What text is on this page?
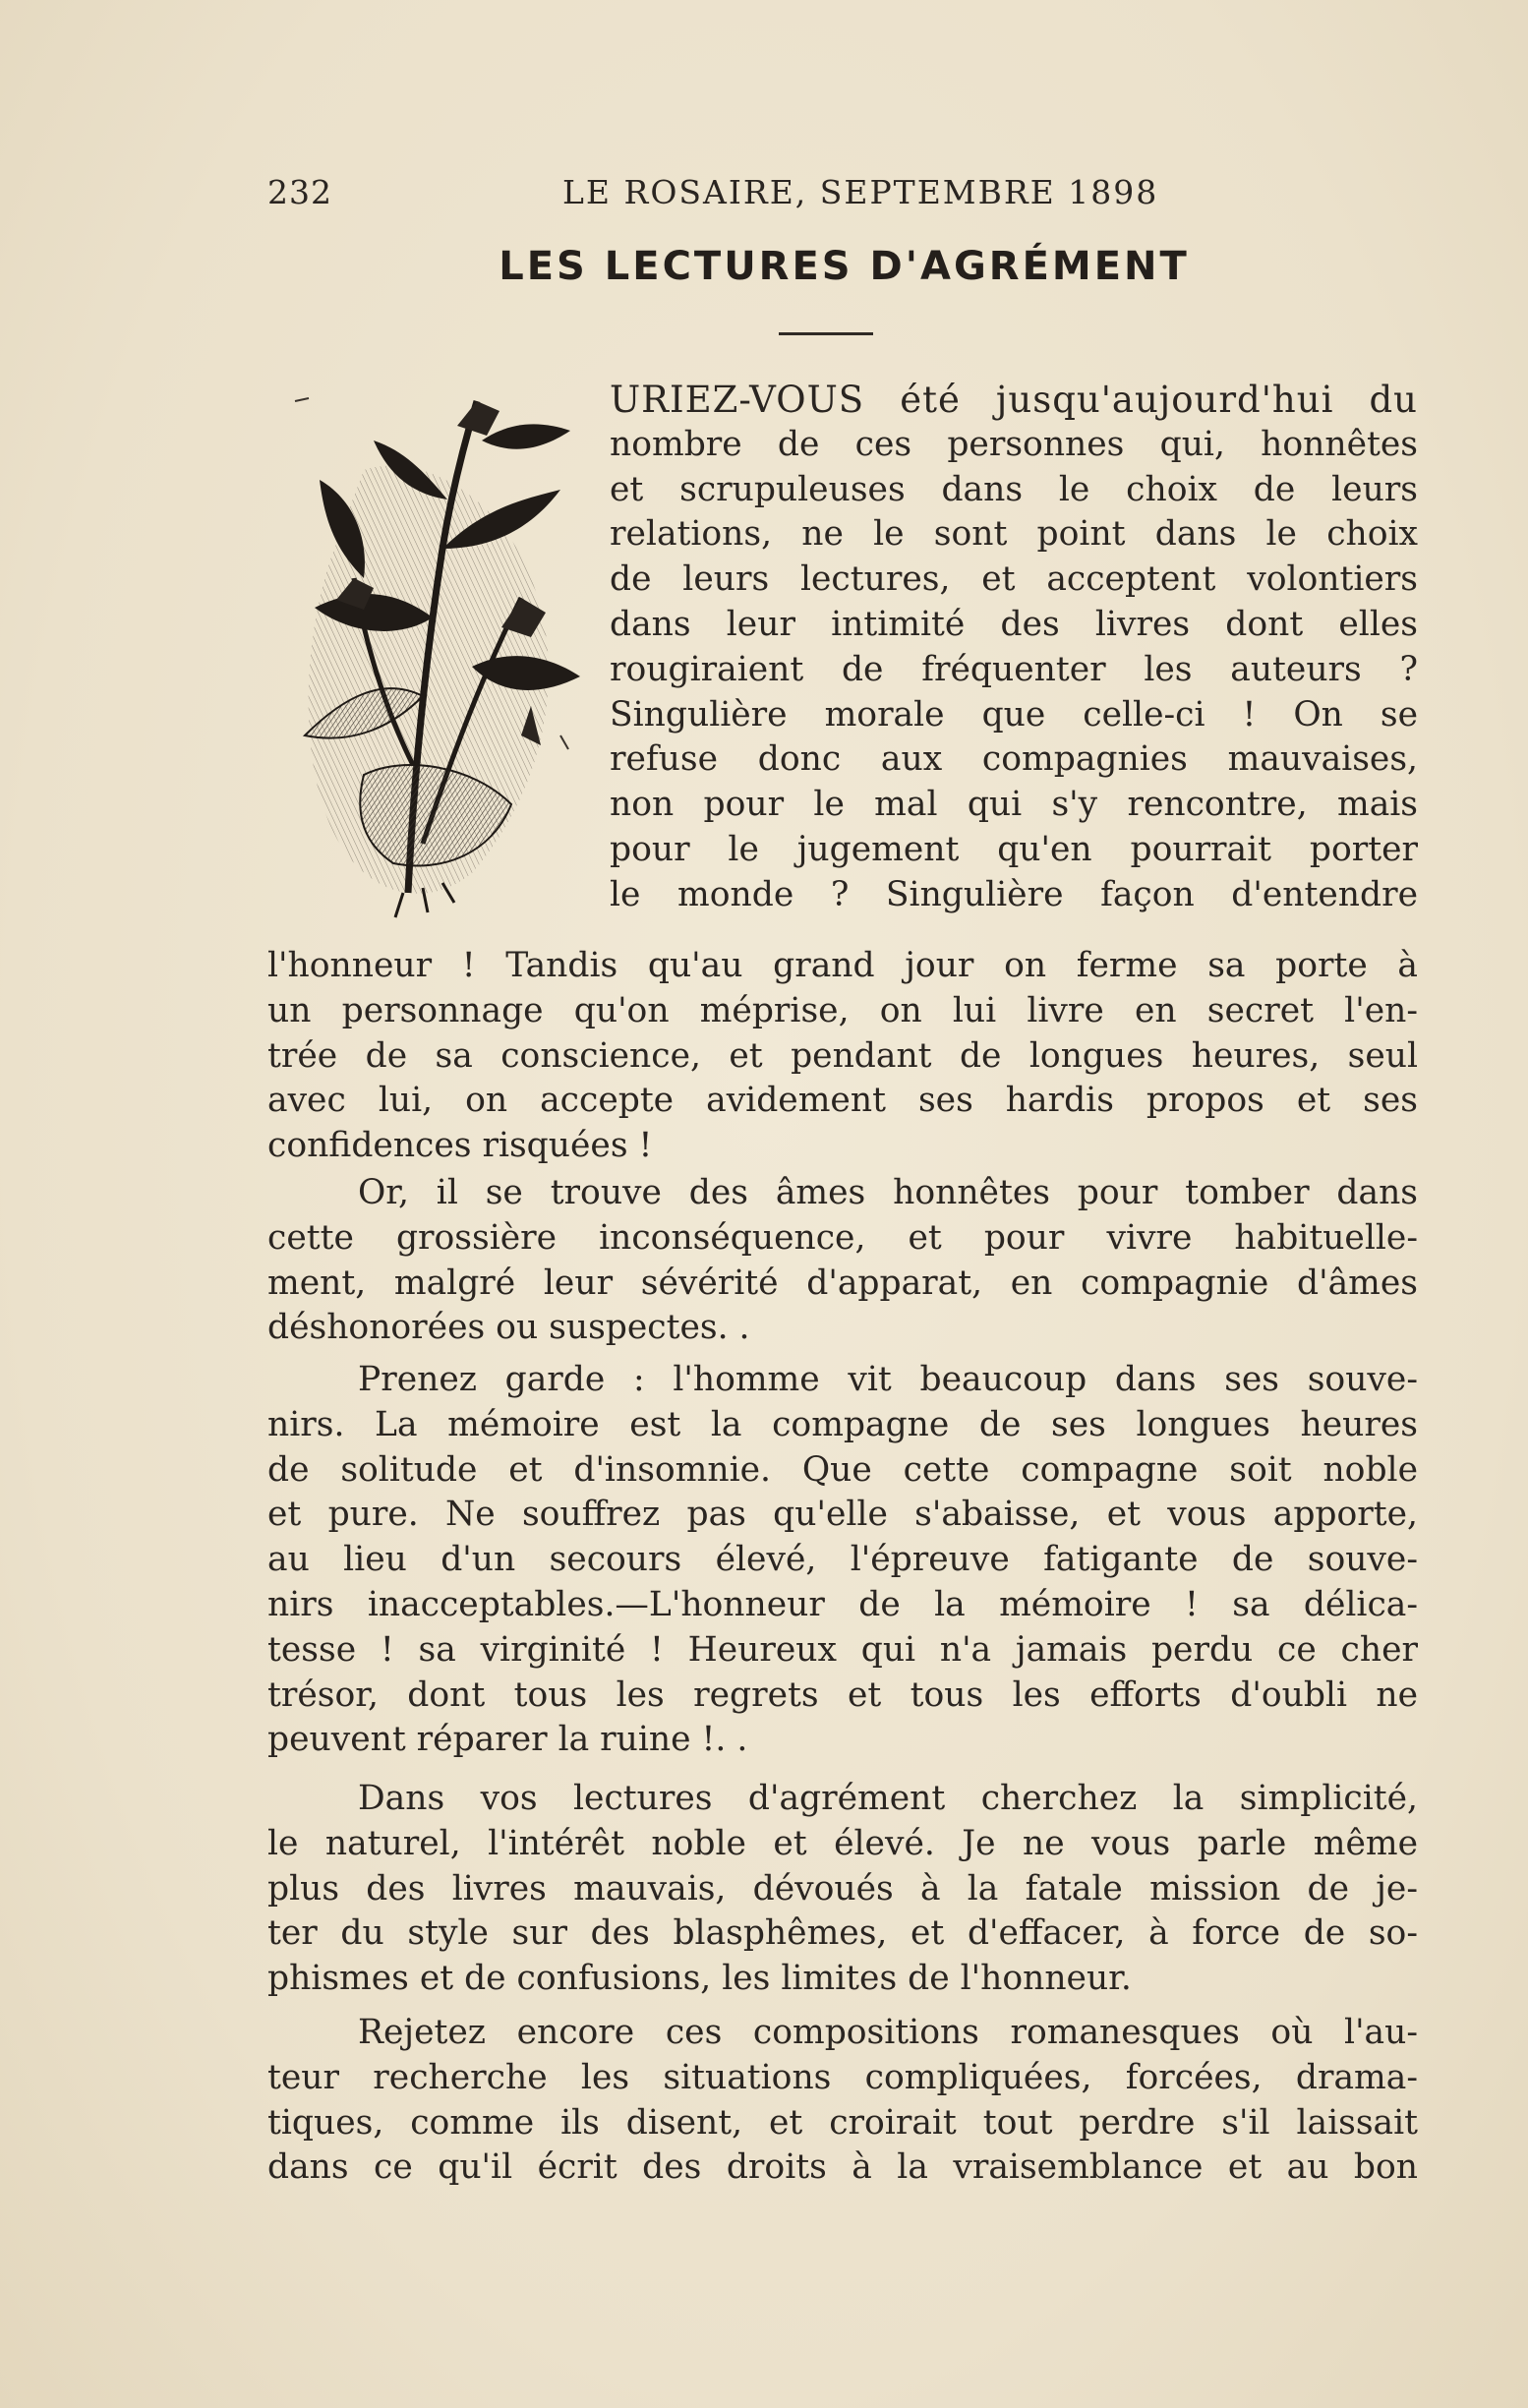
232	LE ROSAIRE, SEPTEMBRE 1898
LES LECTURES D'AGRÉMENT
URIEZ-VOUS été jusqu'aujourd'hui du
nombre de ces personnes qui, honnêtes
et scrupuleuses dans le choix de leurs
relations, ne le sont point dans le choix
de leurs lectures, et acceptent volontiers
dans leur intimité des livres dont elles
rougiraient de fréquenter les auteurs ?
Singulière morale que celle-ci ! On se
refuse donc aux compagnies mauvaises,
non pour le mal qui s'y rencontre, mais
pour le jugement qu'en pourrait porter
le monde ? Singulière façon d'entendre
l'honneur ! Tandis qu'au grand jour on ferme sa porte à
un personnage qu'on méprise, on lui livre en secret l'en-
trée de sa conscience, et pendant de longues heures, seul
avec lui, on accepte avidement ses hardis propos et ses
confidences risquées !
Or, il se trouve des âmes honnêtes pour tomber dans
cette grossière inconséquence, et pour vivre habituelle-
ment, malgré leur sévérité d'apparat, en compagnie d'âmes
déshonorées ou suspectes. .
Prenez garde : l'homme vit beaucoup dans ses souve-
nirs. La mémoire est la compagne de ses longues heures
de solitude et d'insomnie. Que cette compagne soit noble
et pure. Ne souffrez pas qu'elle s'abaisse, et vous apporte,
au lieu d'un secours élevé, l'épreuve fatigante de souve-
nirs inacceptables.—L'honneur de la mémoire ! sa délica-
tesse ! sa virginité ! Heureux qui n'a jamais perdu ce cher
trésor, dont tous les regrets et tous les efforts d'oubli ne
peuvent réparer la ruine !. .
Dans vos lectures d'agrément cherchez la simplicité,
le naturel, l'intérêt noble et élevé. Je ne vous parle même
plus des livres mauvais, dévoués à la fatale mission de je-
ter du style sur des blasphêmes, et d'effacer, à force de so-
phismes et de confusions, les limites de l'honneur.
Rejetez encore ces compositions romanesques où l'au-
teur recherche les situations compliquées, forcées, drama-
tiques, comme ils disent, et croirait tout perdre s'il laissait
dans ce qu'il écrit des droits à la vraisemblance et au bon
